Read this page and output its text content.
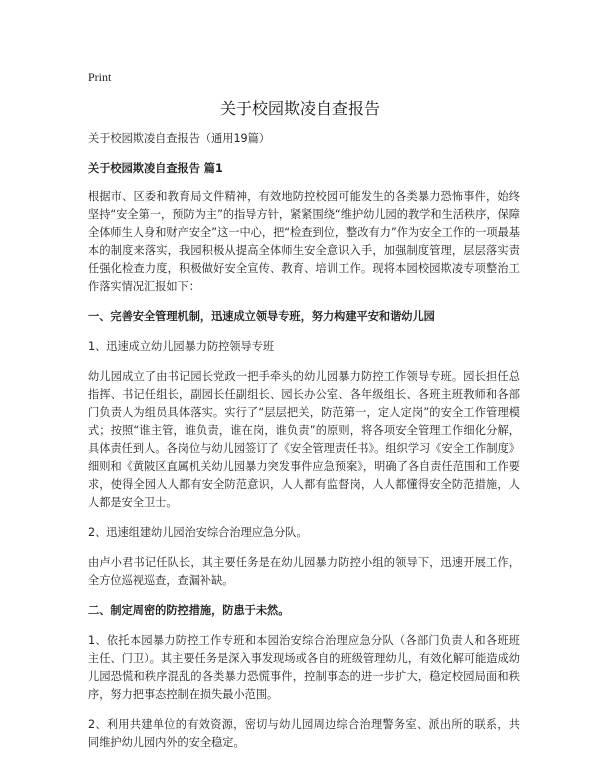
Print
关于校园欺凌自查报告

关于校园欺凌自查报告（通用19篇）

关于校园欺凌自查报告 篇1

根据市、区委和教育局文件精神，有效地防控校园可能发生的各类暴力恐怖事件，始终坚持“安全第一，预防为主”的指导方针，紧紧围绕“维护幼儿园的教学和生活秩序，保障全体师生人身和财产安全”这一中心，把“检查到位，整改有力”作为安全工作的一项最基本的制度来落实，我园积极从提高全体师生安全意识入手，加强制度管理，层层落实责任强化检查力度，积极做好安全宣传、教育、培训工作。现将本园校园欺凌专项整治工作落实情况汇报如下：

一、完善安全管理机制，迅速成立领导专班，努力构建平安和谐幼儿园

1、迅速成立幼儿园暴力防控领导专班

幼儿园成立了由书记园长党政一把手牵头的幼儿园暴力防控工作领导专班。园长担任总指挥、书记任组长，副园长任副组长、园长办公室、各年级组长、各班主班教师和各部门负责人为组员具体落实。实行了“层层把关，防范第一，定人定岗”的安全工作管理模式；按照“谁主管，谁负责，谁在岗，谁负责”的原则，将各项安全管理工作细化分解，具体责任到人。各岗位与幼儿园签订了《安全管理责任书》。组织学习《安全工作制度》细则和《黄陂区直属机关幼儿园暴力突发事件应急预案》，明确了各自责任范围和工作要求，使得全园人人都有安全防范意识，人人都有监督岗，人人都懂得安全防范措施，人人都是安全卫士。

2、迅速组建幼儿园治安综合治理应急分队。

由卢小君书记任队长，其主要任务是在幼儿园暴力防控小组的领导下，迅速开展工作，全方位巡视巡查，查漏补缺。

二、制定周密的防控措施，防患于未然。

1、依托本园暴力防控工作专班和本园治安综合治理应急分队（各部门负责人和各班班主任、门卫）。其主要任务是深入事发现场或各自的班级管理幼儿，有效化解可能造成幼儿园恐慌和秩序混乱的各类暴力恐慌事件，控制事态的进一步扩大，稳定校园局面和秩序，努力把事态控制在损失最小范围。

2、利用共建单位的有效资源，密切与幼儿园周边综合治理警务室、派出所的联系，共同维护幼儿园内外的安全稳定。
